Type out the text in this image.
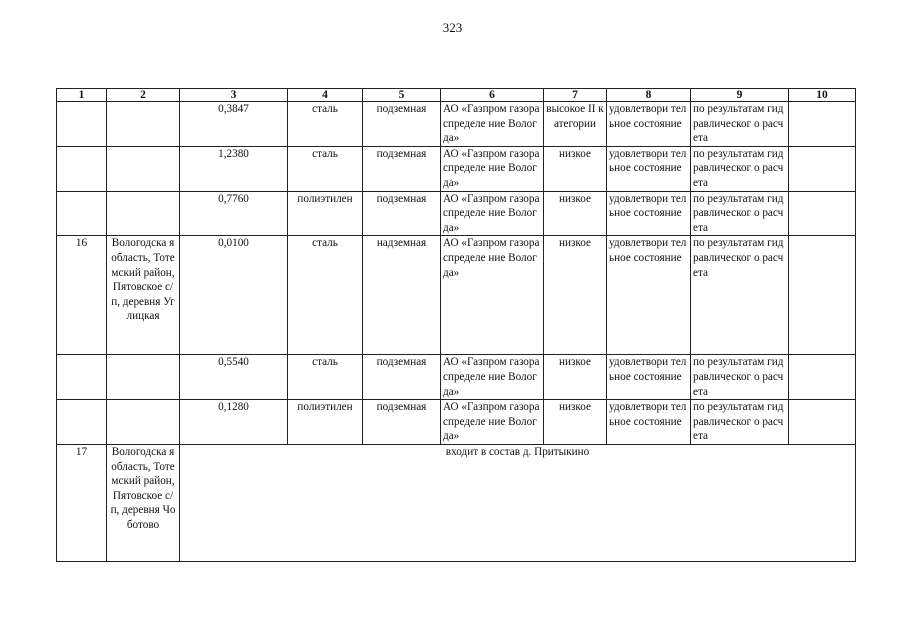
323
1	2	3	4	5	6	7	8	9	10
		0,3847	сталь	подземная	АО «Газпром газораспределе ние Вологда»	высокое II категории	удовлетвори тельное состояние	по результатам гидравлическог о расчета	
		1,2380	сталь	подземная	АО «Газпром газораспределе ние Вологда»	низкое	удовлетвори тельное состояние	по результатам гидравлическог о расчета	
		0,7760	полиэтилен	подземная	АО «Газпром газораспределе ние Вологда»	низкое	удовлетвори тельное состояние	по результатам гидравлическог о расчета	
16	Вологодска я область, Тотемский район, Пятовское с/п, деревня Углицкая	0,0100	сталь	надземная	АО «Газпром газораспределе ние Вологда»	низкое	удовлетвори тельное состояние	по результатам гидравлическог о расчета	
		0,5540	сталь	подземная	АО «Газпром газораспределе ние Вологда»	низкое	удовлетвори тельное состояние	по результатам гидравлическог о расчета	
		0,1280	полиэтилен	подземная	АО «Газпром газораспределе ние Вологда»	низкое	удовлетвори тельное состояние	по результатам гидравлическог о расчета	
17	Вологодска я область, Тотемский район, Пятовское с/п, деревня Чоботово	входит в состав д. Притыкино							
